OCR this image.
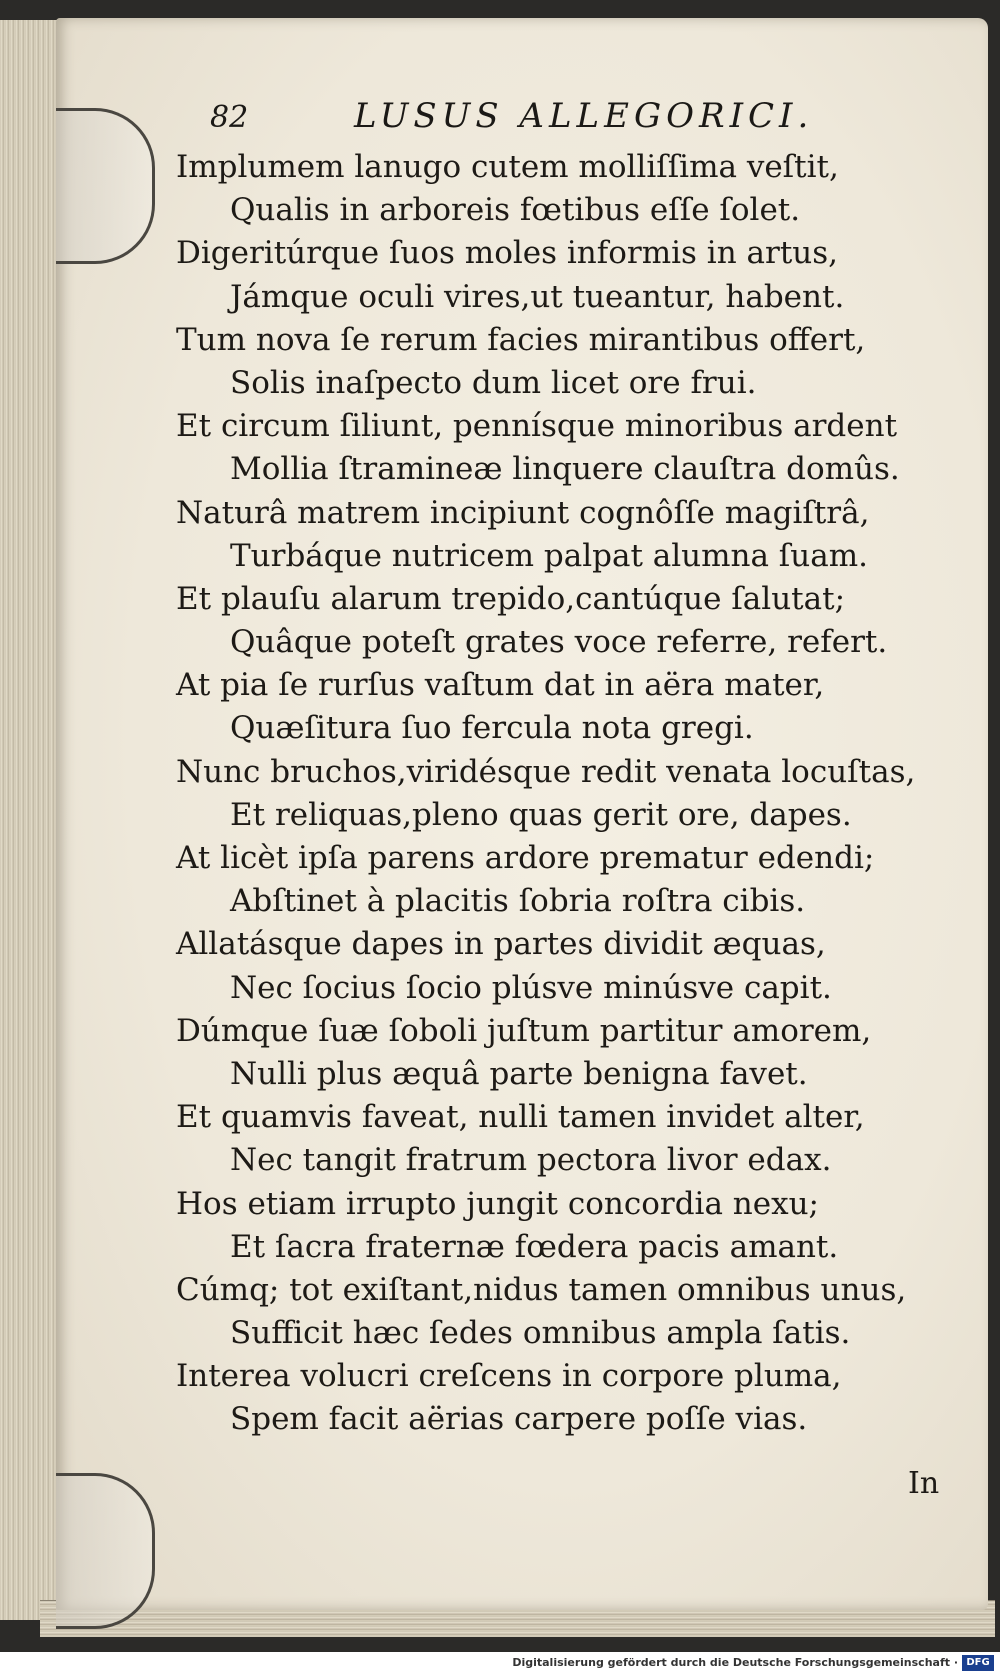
82	LUSUS ALLEGORICI.
Implumem lanugo cutem molliſſima veſtit,
Qualis in arboreis fœtibus eſſe ſolet.
Digeritúrque ſuos moles informis in artus,
Jámque oculi vires,ut tueantur, habent.
Tum nova ſe rerum facies mirantibus offert,
Solis inaſpecto dum licet ore frui.
Et circum ſiliunt, pennísque minoribus ardent
Mollia ſtramineæ linquere clauſtra domûs.
Naturâ matrem incipiunt cognôſſe magiſtrâ,
Turbáque nutricem palpat alumna ſuam.
Et plauſu alarum trepido,cantúque ſalutat;
Quâque poteſt grates voce referre, refert.
At pia ſe rurſus vaſtum dat in aëra mater,
Quæſitura ſuo fercula nota gregi.
Nunc bruchos,viridésque redit venata locuſtas,
Et reliquas,pleno quas gerit ore, dapes.
At licèt ipſa parens ardore prematur edendi;
Abſtinet à placitis ſobria roſtra cibis.
Allatásque dapes in partes dividit æquas,
Nec ſocius ſocio plúsve minúsve capit.
Dúmque ſuæ ſoboli juſtum partitur amorem,
Nulli plus æquâ parte benigna favet.
Et quamvis faveat, nulli tamen invidet alter,
Nec tangit fratrum pectora livor edax.
Hos etiam irrupto jungit concordia nexu;
Et ſacra fraternæ fœdera pacis amant.
Cúmq; tot exiſtant,nidus tamen omnibus unus,
Sufficit hæc ſedes omnibus ampla ſatis.
Interea volucri creſcens in corpore pluma,
Spem facit aërias carpere poſſe vias.
In
Digitalisierung gefördert durch die Deutsche Forschungsgemeinschaft · DFG
